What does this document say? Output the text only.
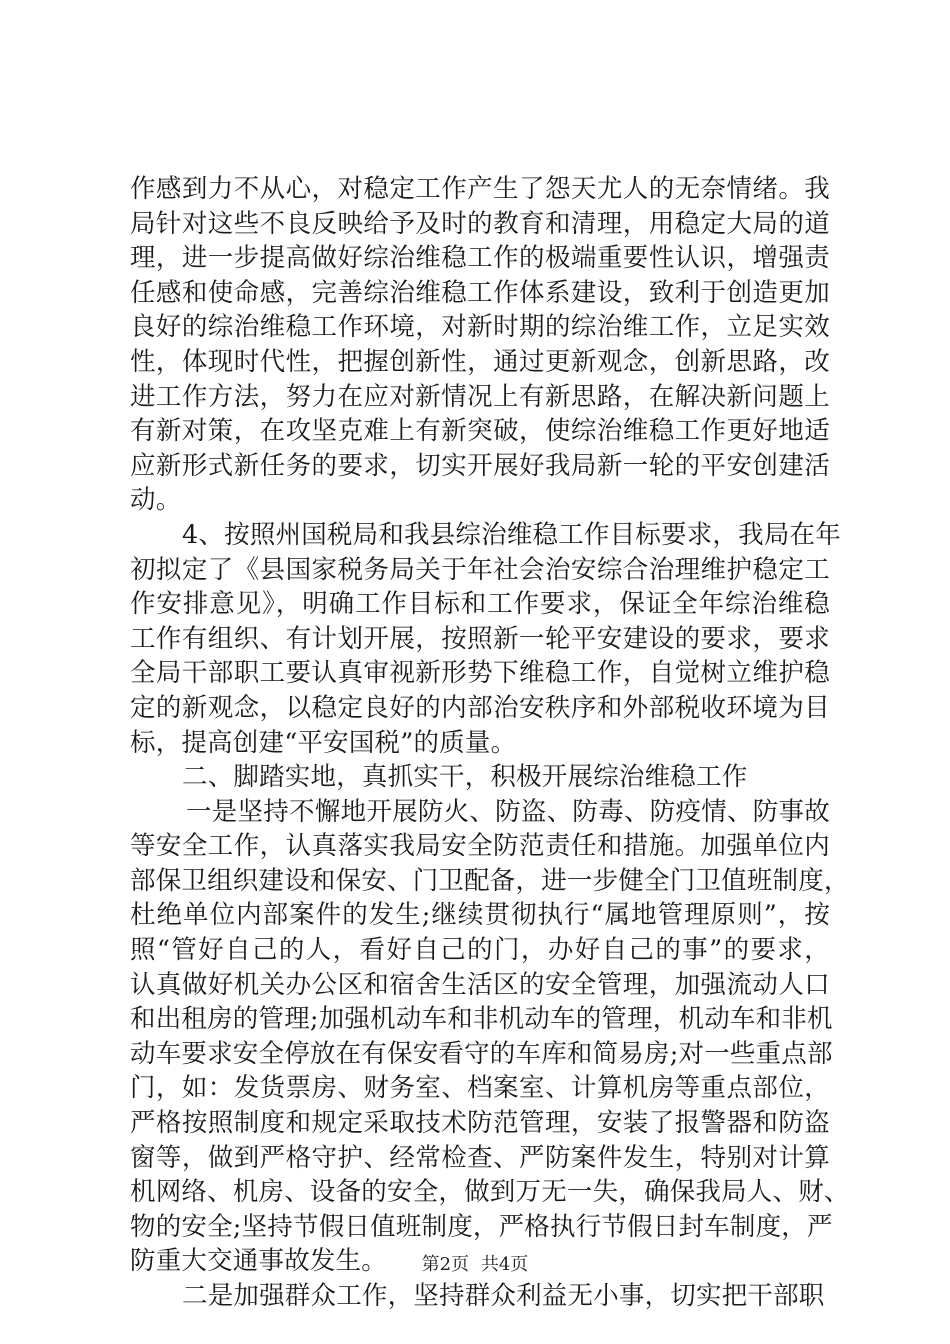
作感到力不从心，对稳定工作产生了怨天尤人的无奈情绪。我
局针对这些不良反映给予及时的教育和清理，用稳定大局的道
理，进一步提高做好综治维稳工作的极端重要性认识，增强责
任感和使命感，完善综治维稳工作体系建设，致利于创造更加
良好的综治维稳工作环境，对新时期的综治维工作，立足实效
性，体现时代性，把握创新性，通过更新观念，创新思路，改
进工作方法，努力在应对新情况上有新思路，在解决新问题上
有新对策，在攻坚克难上有新突破，使综治维稳工作更好地适
应新形式新任务的要求，切实开展好我局新一轮的平安创建活
动。
4、按照州国税局和我县综治维稳工作目标要求，我局在年
初拟定了《县国家税务局关于年社会治安综合治理维护稳定工
作安排意见》，明确工作目标和工作要求，保证全年综治维稳
工作有组织、有计划开展，按照新一轮平安建设的要求，要求
全局干部职工要认真审视新形势下维稳工作，自觉树立维护稳
定的新观念，以稳定良好的内部治安秩序和外部税收环境为目
标，提高创建“平安国税”的质量。
二、脚踏实地，真抓实干，积极开展综治维稳工作
一是坚持不懈地开展防火、防盗、防毒、防疫情、防事故
等安全工作，认真落实我局安全防范责任和措施。加强单位内
部保卫组织建设和保安、门卫配备，进一步健全门卫值班制度，
杜绝单位内部案件的发生;继续贯彻执行“属地管理原则”，按
照“管好自己的人，看好自己的门，办好自己的事”的要求，
认真做好机关办公区和宿舍生活区的安全管理，加强流动人口
和出租房的管理;加强机动车和非机动车的管理，机动车和非机
动车要求安全停放在有保安看守的车库和简易房;对一些重点部
门，如：发货票房、财务室、档案室、计算机房等重点部位，
严格按照制度和规定采取技术防范管理，安装了报警器和防盗
窗等，做到严格守护、经常检查、严防案件发生，特别对计算
机网络、机房、设备的安全，做到万无一失，确保我局人、财、
物的安全;坚持节假日值班制度，严格执行节假日封车制度，严
防重大交通事故发生。
二是加强群众工作，坚持群众利益无小事，切实把干部职
第2页 共4页
